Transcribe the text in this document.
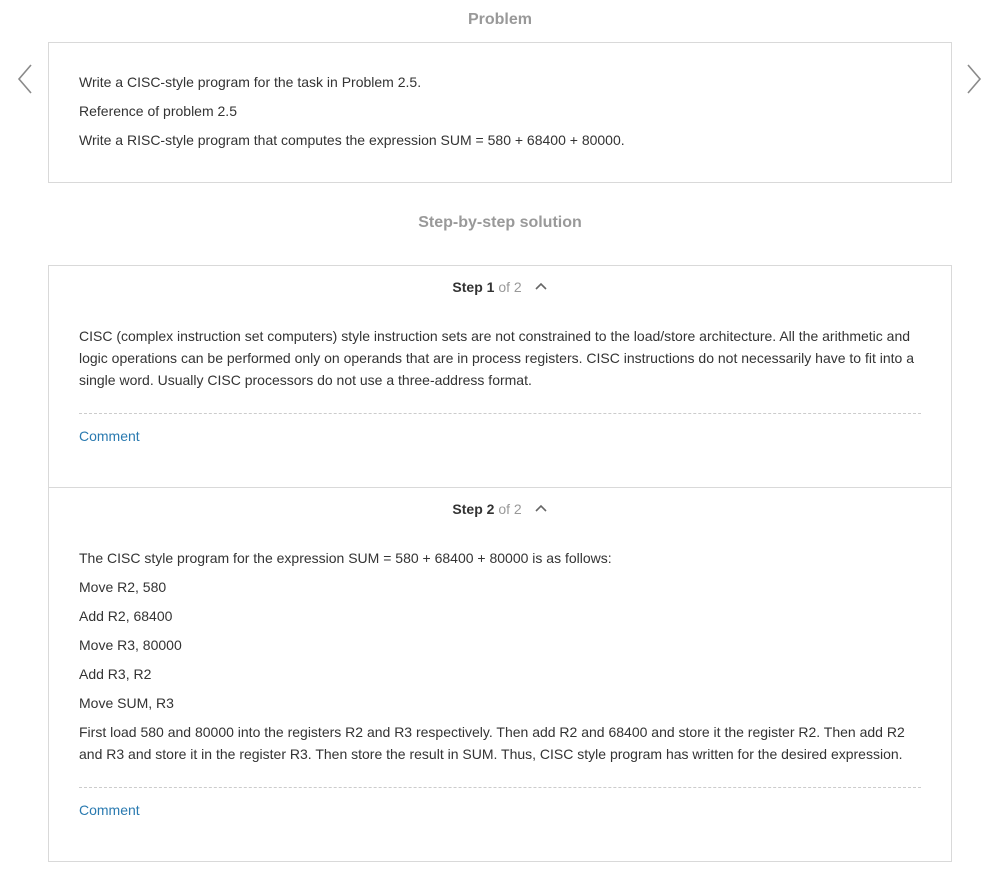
Problem
Write a CISC-style program for the task in Problem 2.5.
Reference of problem 2.5
Write a RISC-style program that computes the expression SUM = 580 + 68400 + 80000.
Step-by-step solution
Step 1 of 2
CISC (complex instruction set computers) style instruction sets are not constrained to the load/store architecture. All the arithmetic and logic operations can be performed only on operands that are in process registers. CISC instructions do not necessarily have to fit into a single word. Usually CISC processors do not use a three-address format.
Comment
Step 2 of 2
The CISC style program for the expression SUM = 580 + 68400 + 80000 is as follows:
Move R2, 580
Add R2, 68400
Move R3, 80000
Add R3, R2
Move SUM, R3
First load 580 and 80000 into the registers R2 and R3 respectively. Then add R2 and 68400 and store it the register R2. Then add R2 and R3 and store it in the register R3. Then store the result in SUM. Thus, CISC style program has written for the desired expression.
Comment
